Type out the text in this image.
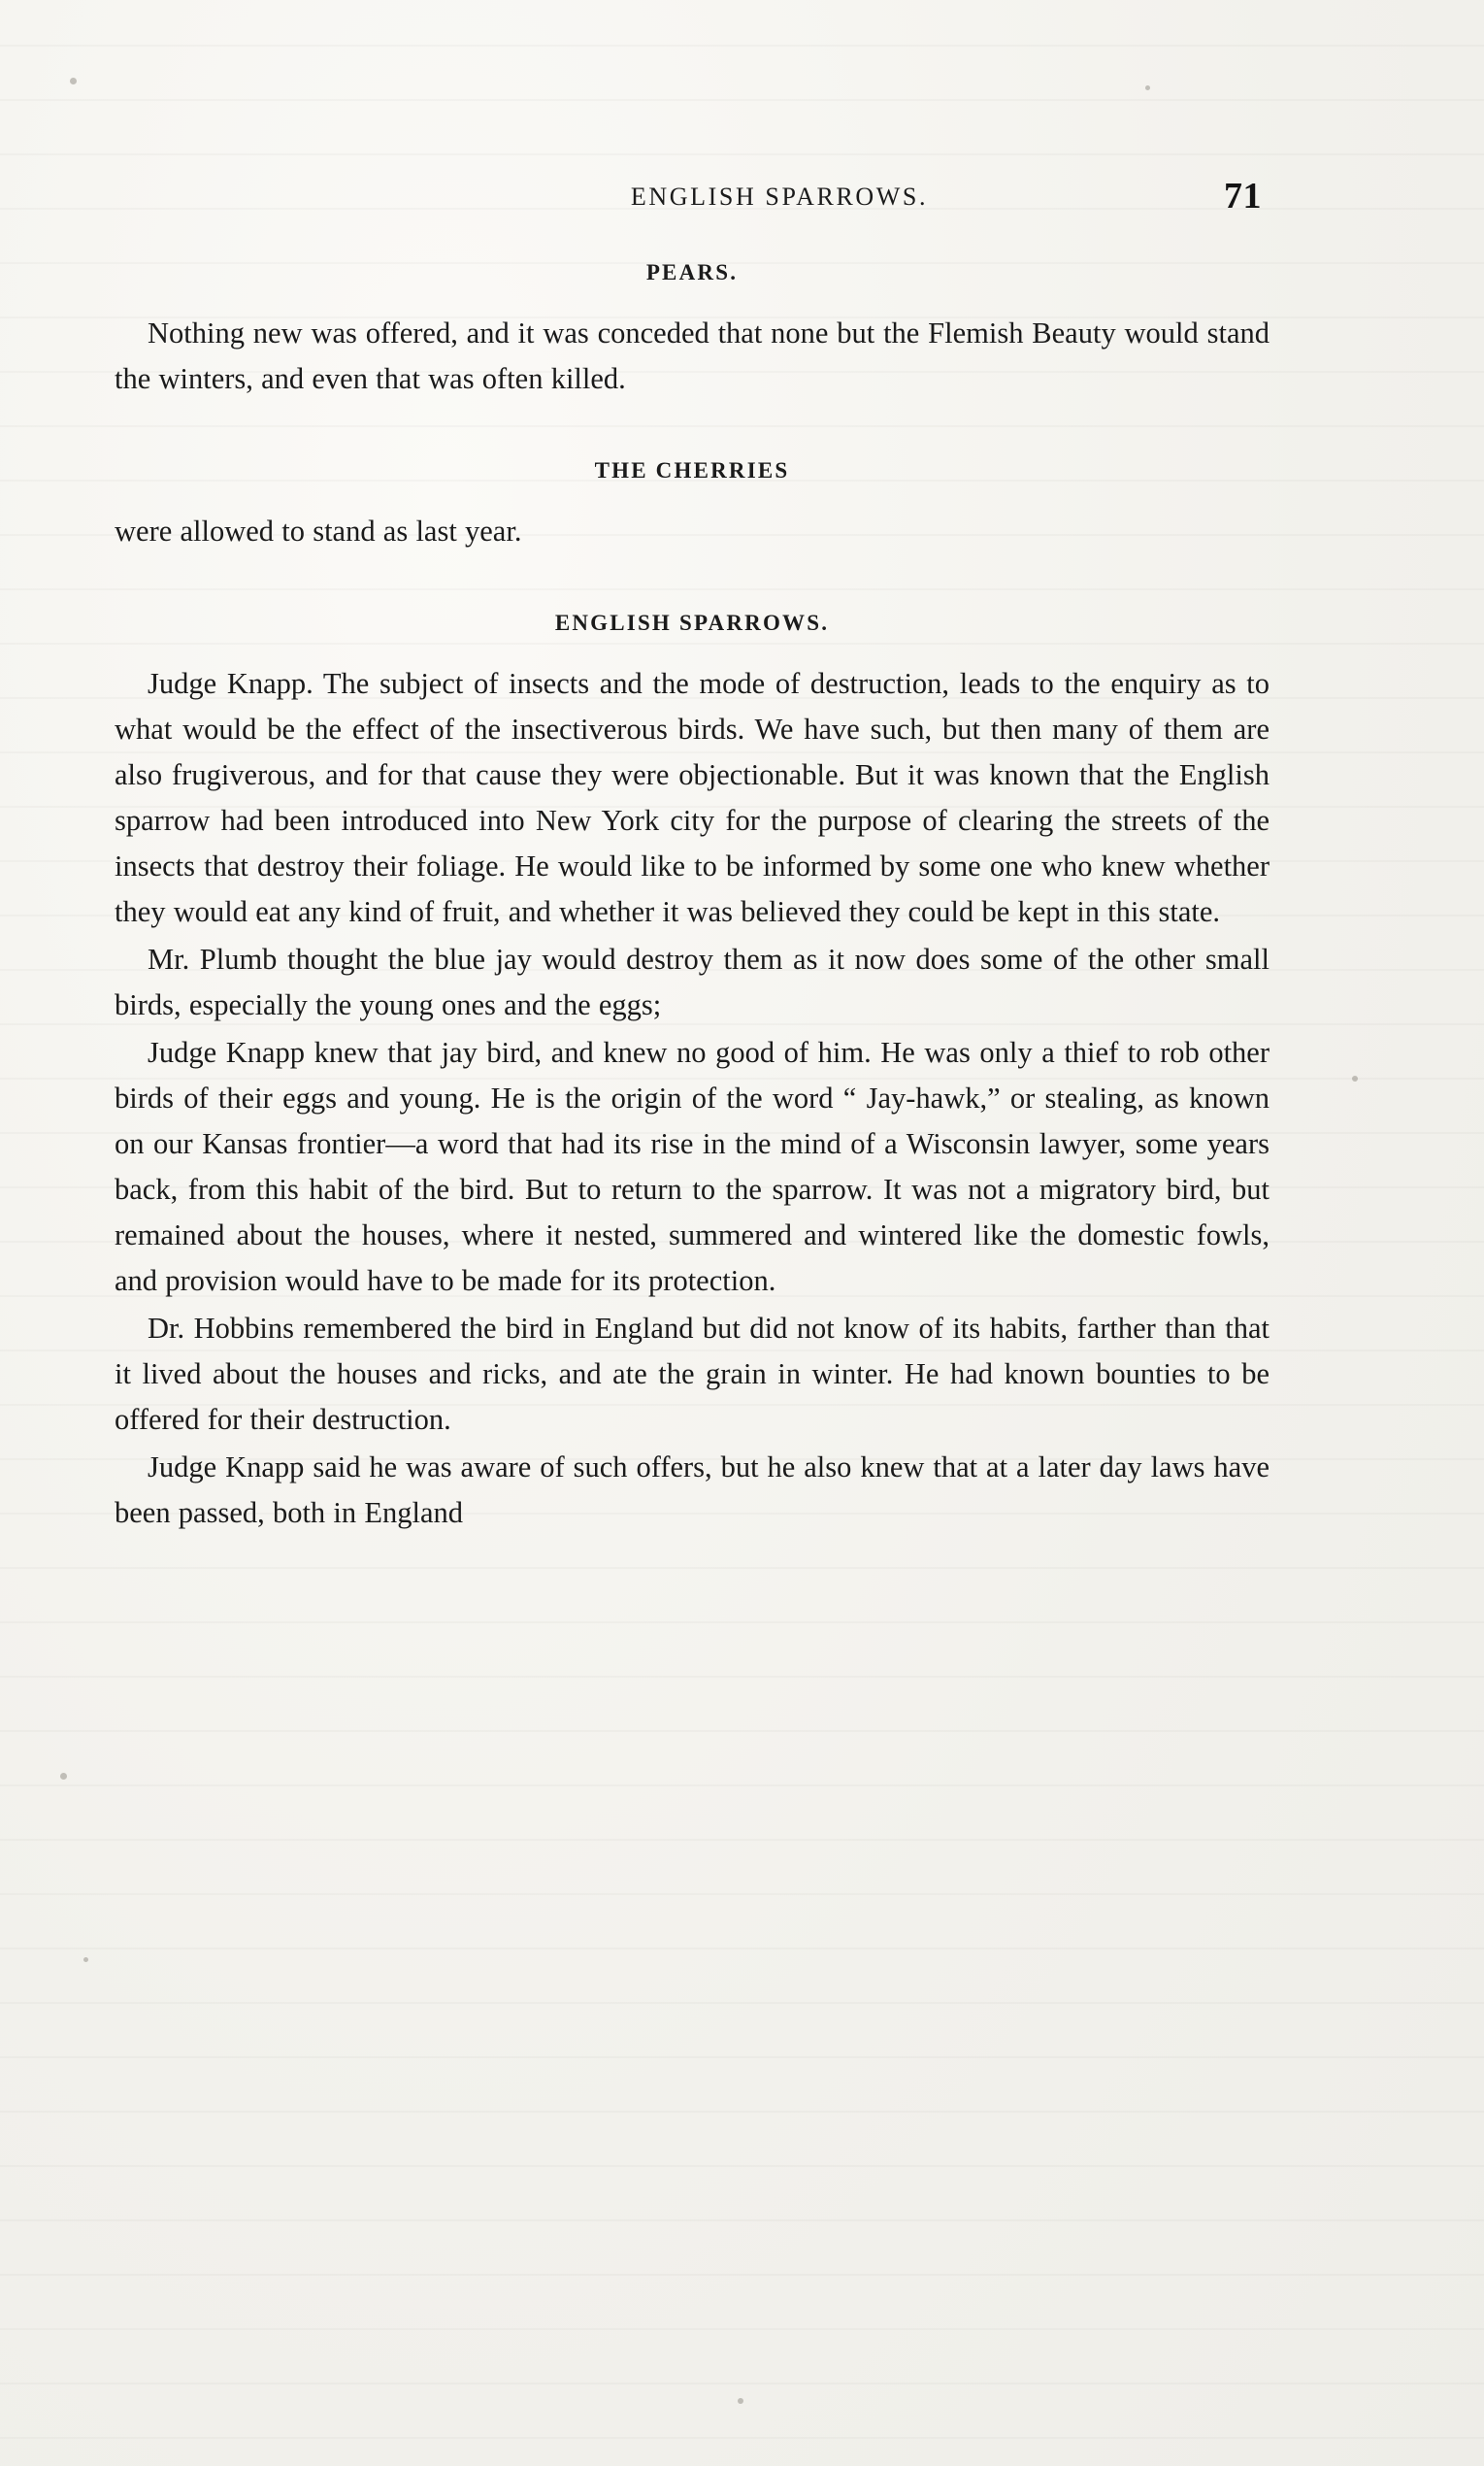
ENGLISH SPARROWS.	71
PEARS.

Nothing new was offered, and it was conceded that none but the Flemish Beauty would stand the winters, and even that was often killed.

THE CHERRIES

were allowed to stand as last year.

ENGLISH SPARROWS.

Judge Knapp. The subject of insects and the mode of destruction, leads to the enquiry as to what would be the effect of the insectiverous birds. We have such, but then many of them are also frugiverous, and for that cause they were objectionable. But it was known that the English sparrow had been introduced into New York city for the purpose of clearing the streets of the insects that destroy their foliage. He would like to be informed by some one who knew whether they would eat any kind of fruit, and whether it was believed they could be kept in this state.

Mr. Plumb thought the blue jay would destroy them as it now does some of the other small birds, especially the young ones and the eggs;

Judge Knapp knew that jay bird, and knew no good of him. He was only a thief to rob other birds of their eggs and young. He is the origin of the word “ Jay-hawk,” or stealing, as known on our Kansas frontier—a word that had its rise in the mind of a Wisconsin lawyer, some years back, from this habit of the bird. But to return to the sparrow. It was not a migratory bird, but remained about the houses, where it nested, summered and wintered like the domestic fowls, and provision would have to be made for its protection.

Dr. Hobbins remembered the bird in England but did not know of its habits, farther than that it lived about the houses and ricks, and ate the grain in winter. He had known bounties to be offered for their destruction.

Judge Knapp said he was aware of such offers, but he also knew that at a later day laws have been passed, both in England
